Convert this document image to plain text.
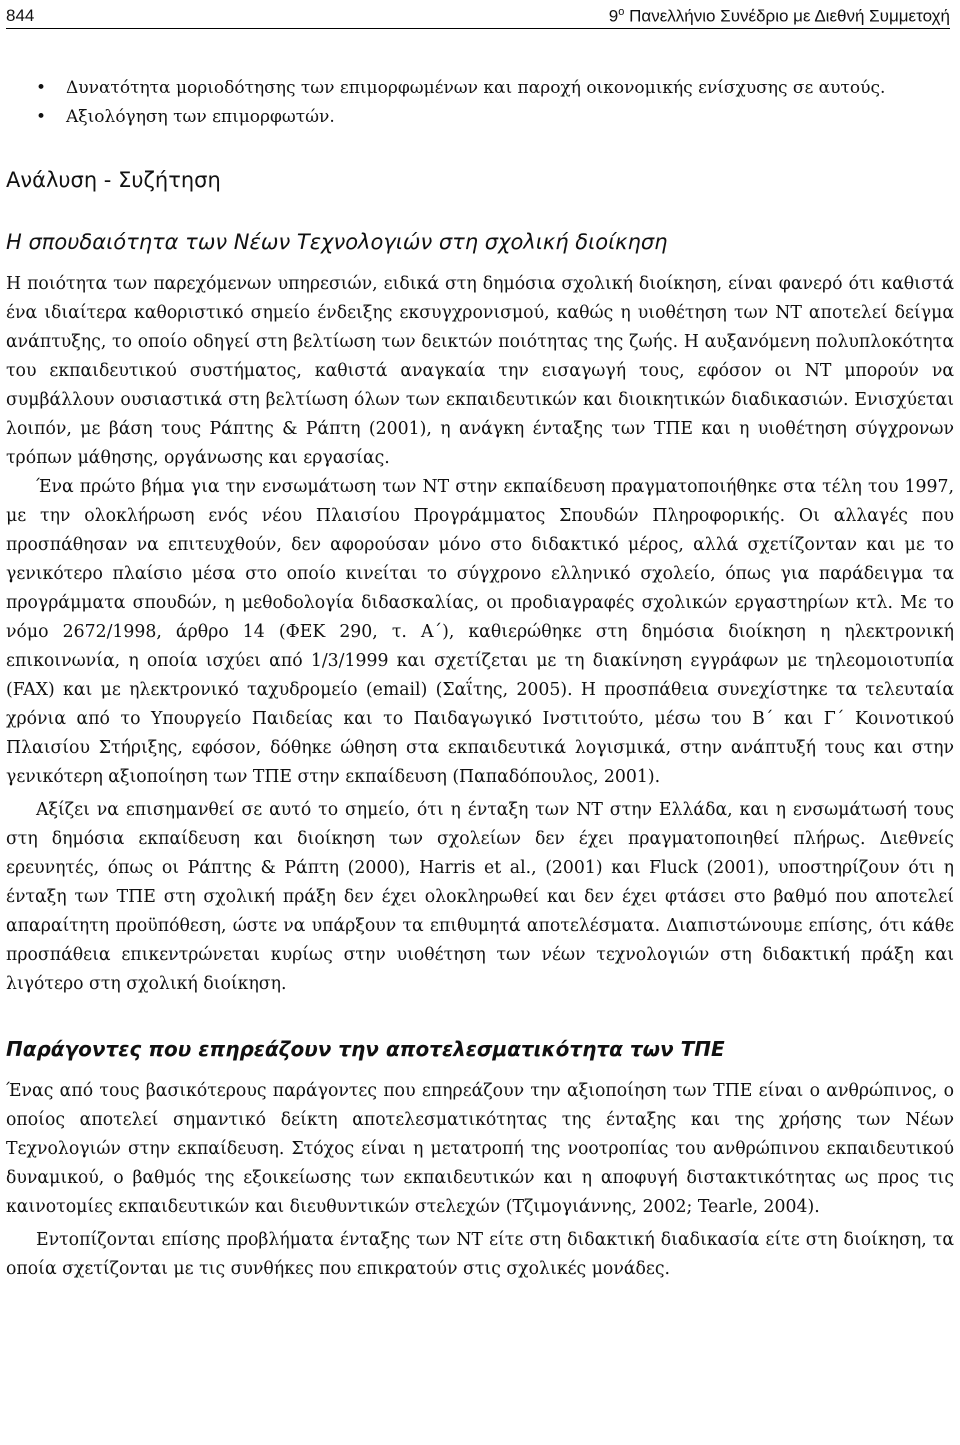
844	$9^o$ Πανελλήνιο Συνέδριο με Διεθνή Συμμετοχή
• Δυνατότητα μοριοδότησης των επιμορφωμένων και παροχή οικονομικής ενίσχυσης σε αυτούς.
• Αξιολόγηση των επιμορφωτών.
Ανάλυση - Συζήτηση
Η σπουδαιότητα των Νέων Τεχνολογιών στη σχολική διοίκηση

Η ποιότητα των παρεχόμενων υπηρεσιών, ειδικά στη δημόσια σχολική διοίκηση, είναι φανερό ότι καθιστά ένα ιδιαίτερα καθοριστικό σημείο ένδειξης εκσυγχρονισμού, καθώς η υιοθέτηση των ΝΤ αποτελεί δείγμα ανάπτυξης, το οποίο οδηγεί στη βελτίωση των δεικτών ποιότητας της ζωής. Η αυξανόμενη πολυπλοκότητα του εκπαιδευτικού συστήματος, καθιστά αναγκαία την εισαγωγή τους, εφόσον οι ΝΤ μπορούν να συμβάλλουν ουσιαστικά στη βελτίωση όλων των εκπαιδευτικών και διοικητικών διαδικασιών. Ενισχύεται λοιπόν, με βάση τους Ράπτης & Ράπτη (2001), η ανάγκη ένταξης των ΤΠΕ και η υιοθέτηση σύγχρονων τρόπων μάθησης, οργάνωσης και εργασίας.

Ένα πρώτο βήμα για την ενσωμάτωση των ΝΤ στην εκπαίδευση πραγματοποιήθηκε στα τέλη του 1997, με την ολοκλήρωση ενός νέου Πλαισίου Προγράμματος Σπουδών Πληροφορικής. Οι αλλαγές που προσπάθησαν να επιτευχθούν, δεν αφορούσαν μόνο στο διδακτικό μέρος, αλλά σχετίζονταν και με το γενικότερο πλαίσιο μέσα στο οποίο κινείται το σύγχρονο ελληνικό σχολείο, όπως για παράδειγμα τα προγράμματα σπουδών, η μεθοδολογία διδασκαλίας, οι προδιαγραφές σχολικών εργαστηρίων κτλ. Με το νόμο 2672/1998, άρθρο 14 (ΦΕΚ 290, τ. Α΄), καθιερώθηκε στη δημόσια διοίκηση η ηλεκτρονική επικοινωνία, η οποία ισχύει από 1/3/1999 και σχετίζεται με τη διακίνηση εγγράφων με τηλεομοιοτυπία (FAX) και με ηλεκτρονικό ταχυδρομείο (email) (Σαΐτης, 2005). Η προσπάθεια συνεχίστηκε τα τελευταία χρόνια από το Υπουργείο Παιδείας και το Παιδαγωγικό Ινστιτούτο, μέσω του Β΄ και Γ΄ Κοινοτικού Πλαισίου Στήριξης, εφόσον, δόθηκε ώθηση στα εκπαιδευτικά λογισμικά, στην ανάπτυξή τους και στην γενικότερη αξιοποίηση των ΤΠΕ στην εκπαίδευση (Παπαδόπουλος, 2001).

Αξίζει να επισημανθεί σε αυτό το σημείο, ότι η ένταξη των ΝΤ στην Ελλάδα, και η ενσωμάτωσή τους στη δημόσια εκπαίδευση και διοίκηση των σχολείων δεν έχει πραγματοποιηθεί πλήρως. Διεθνείς ερευνητές, όπως οι Ράπτης & Ράπτη (2000), Harris et al., (2001) και Fluck (2001), υποστηρίζουν ότι η ένταξη των ΤΠΕ στη σχολική πράξη δεν έχει ολοκληρωθεί και δεν έχει φτάσει στο βαθμό που αποτελεί απαραίτητη προϋπόθεση, ώστε να υπάρξουν τα επιθυμητά αποτελέσματα. Διαπιστώνουμε επίσης, ότι κάθε προσπάθεια επικεντρώνεται κυρίως στην υιοθέτηση των νέων τεχνολογιών στη διδακτική πράξη και λιγότερο στη σχολική διοίκηση.

Παράγοντες που επηρεάζουν την αποτελεσματικότητα των ΤΠΕ

Ένας από τους βασικότερους παράγοντες που επηρεάζουν την αξιοποίηση των ΤΠΕ είναι ο ανθρώπινος, ο οποίος αποτελεί σημαντικό δείκτη αποτελεσματικότητας της ένταξης και της χρήσης των Νέων Τεχνολογιών στην εκπαίδευση. Στόχος είναι η μετατροπή της νοοτροπίας του ανθρώπινου εκπαιδευτικού δυναμικού, ο βαθμός της εξοικείωσης των εκπαιδευτικών και η αποφυγή διστακτικότητας ως προς τις καινοτομίες εκπαιδευτικών και διευθυντικών στελεχών (Τζιμογιάννης, 2002; Tearle, 2004).

Εντοπίζονται επίσης προβλήματα ένταξης των ΝΤ είτε στη διδακτική διαδικασία είτε στη διοίκηση, τα οποία σχετίζονται με τις συνθήκες που επικρατούν στις σχολικές μονάδες.
